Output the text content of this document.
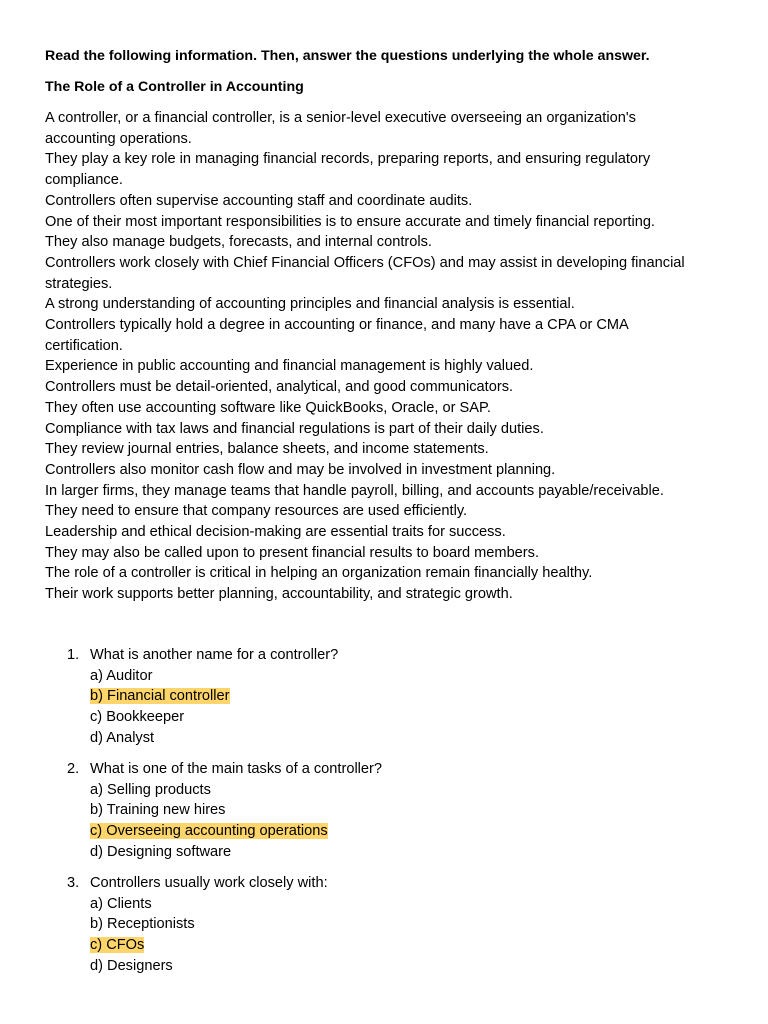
Read the following information. Then, answer the questions underlying the whole answer.
The Role of a Controller in Accounting
A controller, or a financial controller, is a senior-level executive overseeing an organization's
accounting operations.
They play a key role in managing financial records, preparing reports, and ensuring regulatory
compliance.
Controllers often supervise accounting staff and coordinate audits.
One of their most important responsibilities is to ensure accurate and timely financial reporting.
They also manage budgets, forecasts, and internal controls.
Controllers work closely with Chief Financial Officers (CFOs) and may assist in developing financial
strategies.
A strong understanding of accounting principles and financial analysis is essential.
Controllers typically hold a degree in accounting or finance, and many have a CPA or CMA
certification.
Experience in public accounting and financial management is highly valued.
Controllers must be detail-oriented, analytical, and good communicators.
They often use accounting software like QuickBooks, Oracle, or SAP.
Compliance with tax laws and financial regulations is part of their daily duties.
They review journal entries, balance sheets, and income statements.
Controllers also monitor cash flow and may be involved in investment planning.
In larger firms, they manage teams that handle payroll, billing, and accounts payable/receivable.
They need to ensure that company resources are used efficiently.
Leadership and ethical decision-making are essential traits for success.
They may also be called upon to present financial results to board members.
The role of a controller is critical in helping an organization remain financially healthy.
Their work supports better planning, accountability, and strategic growth.
1. What is another name for a controller?
a) Auditor
b) Financial controller
c) Bookkeeper
d) Analyst
2. What is one of the main tasks of a controller?
a) Selling products
b) Training new hires
c) Overseeing accounting operations
d) Designing software
3. Controllers usually work closely with:
a) Clients
b) Receptionists
c) CFOs
d) Designers
